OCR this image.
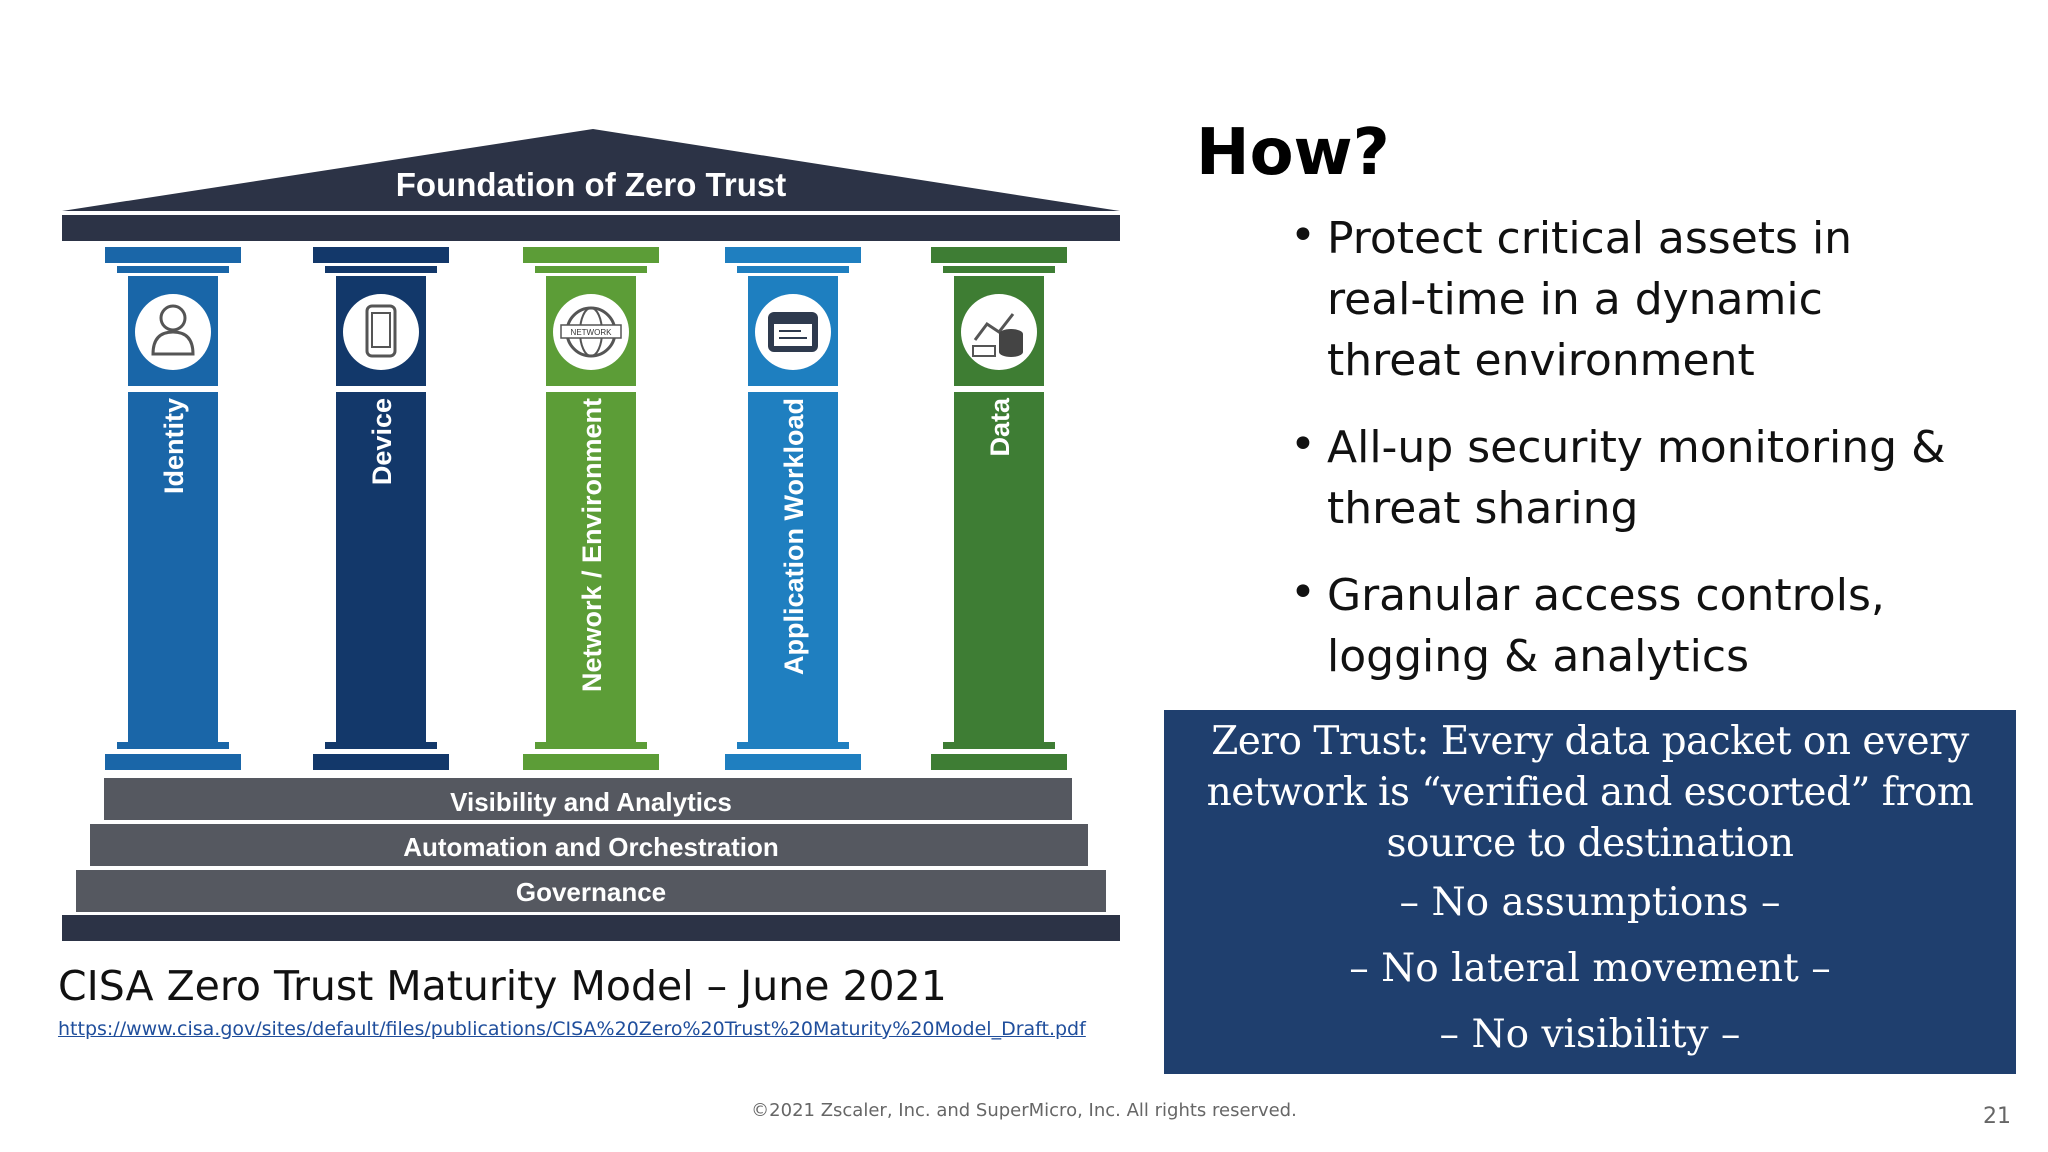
Foundation of Zero Trust
Identity	Device
NETWORK
Network / Environment	Application Workload	Data
Visibility and Analytics
Automation and Orchestration
Governance
CISA Zero Trust Maturity Model – June 2021
https://www.cisa.gov/sites/default/files/publications/CISA%20Zero%20Trust%20Maturity%20Model_Draft.pdf
How?
• Protect critical assets in real-time in a dynamic threat environment
• All-up security monitoring & threat sharing
• Granular access controls, logging & analytics
Zero Trust: Every data packet on every network is “verified and escorted” from source to destination
– No assumptions –
– No lateral movement –
– No visibility –
©2021 Zscaler, Inc. and SuperMicro, Inc. All rights reserved.	21
